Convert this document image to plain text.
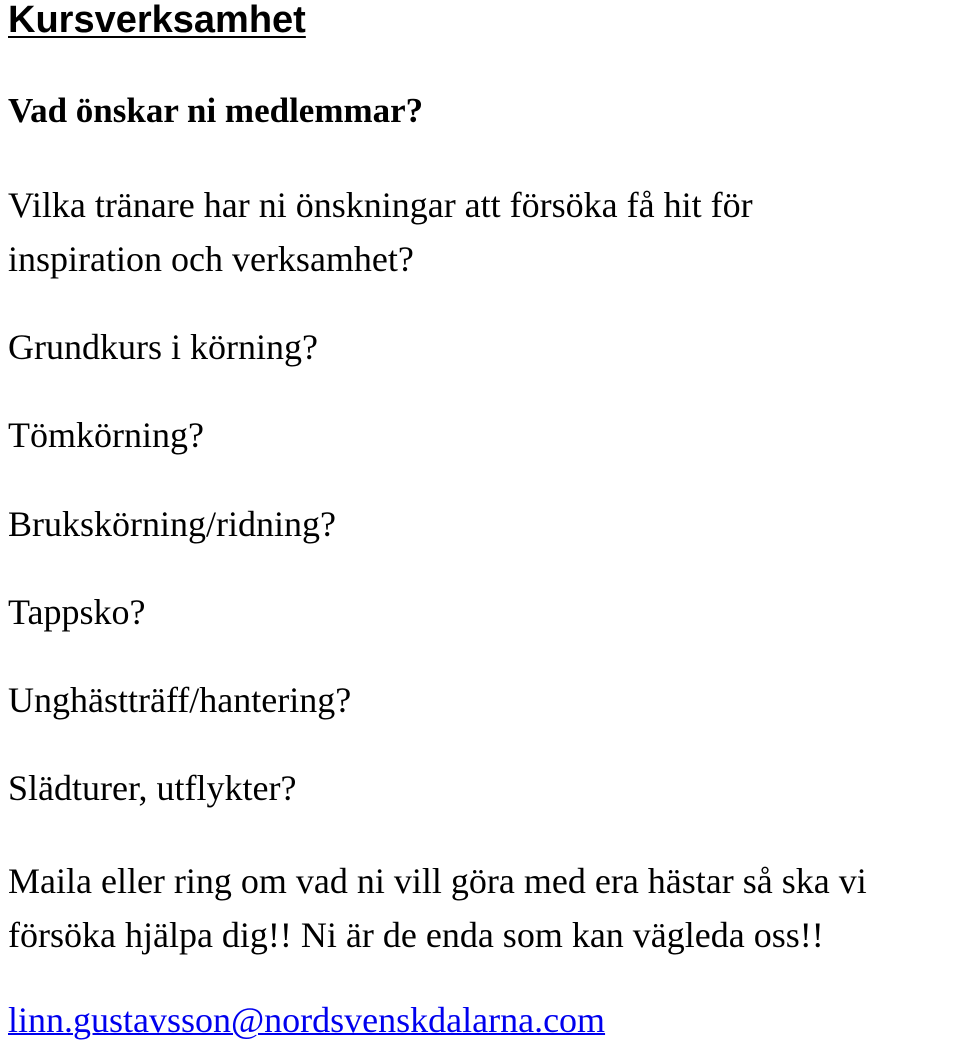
Kursverksamhet
Vad önskar ni medlemmar?

Vilka tränare har ni önskningar att försöka få hit för
inspiration och verksamhet?

Grundkurs i körning?

Tömkörning?

Brukskörning/ridning?

Tappsko?

Unghästträff/hantering?

Slädturer, utflykter?

Maila eller ring om vad ni vill göra med era hästar så ska vi
försöka hjälpa dig!! Ni är de enda som kan vägleda oss!!

linn.gustavsson@nordsvenskdalarna.com
